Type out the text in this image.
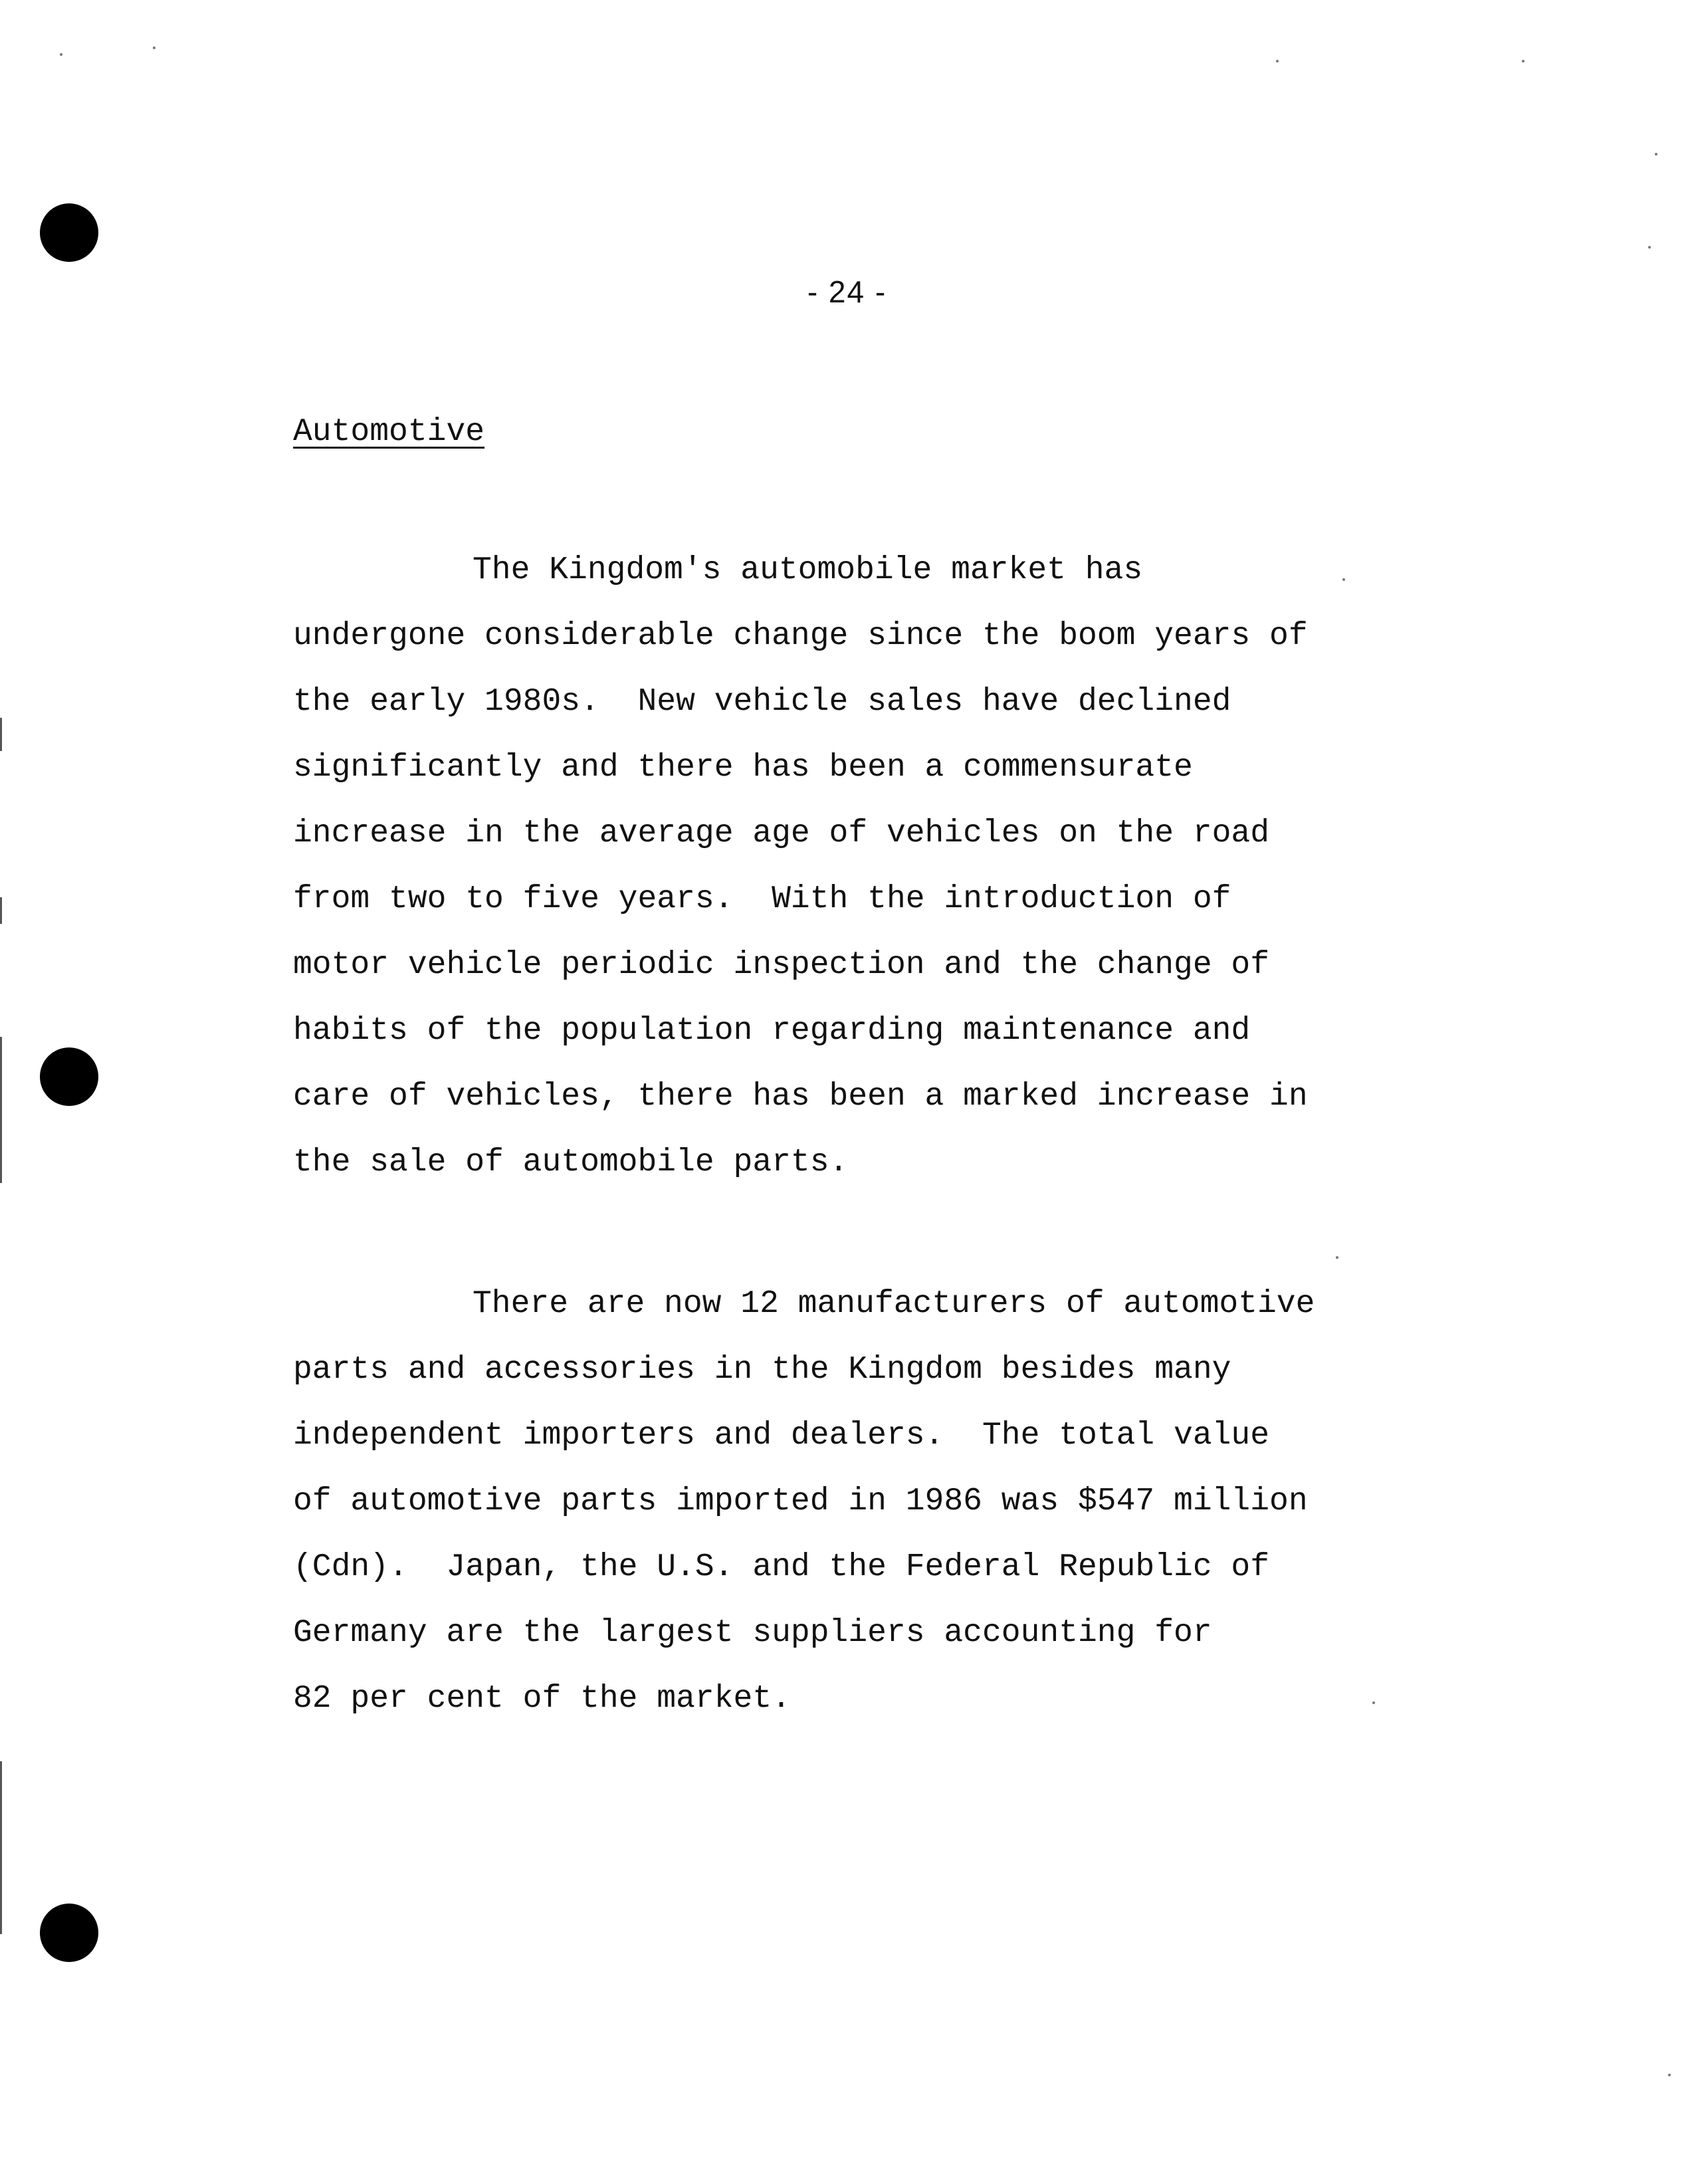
- 24 -
Automotive
The Kingdom's automobile market has
undergone considerable change since the boom years of
the early 1980s.  New vehicle sales have declined
significantly and there has been a commensurate
increase in the average age of vehicles on the road
from two to five years.  With the introduction of
motor vehicle periodic inspection and the change of
habits of the population regarding maintenance and
care of vehicles, there has been a marked increase in
the sale of automobile parts.
There are now 12 manufacturers of automotive
parts and accessories in the Kingdom besides many
independent importers and dealers.  The total value
of automotive parts imported in 1986 was $547 million
(Cdn).  Japan, the U.S. and the Federal Republic of
Germany are the largest suppliers accounting for
82 per cent of the market.
